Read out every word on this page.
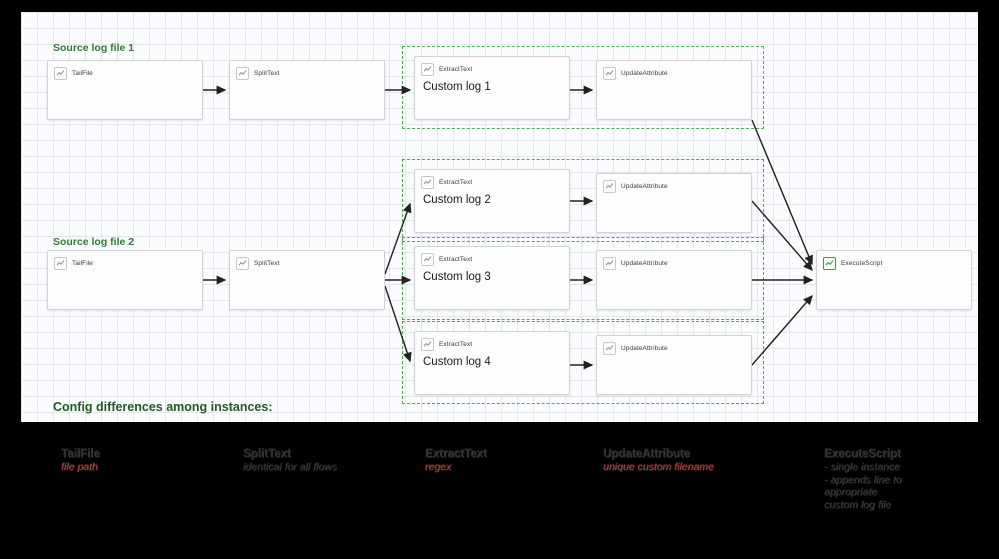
Source log file 1
Source log file 2
Config differences among instances:
TailFile	SplitText
ExtractText
Custom log 1
UpdateAttribute
ExtractText
Custom log 2
UpdateAttribute
TailFile	SplitText
ExtractText
Custom log 3
UpdateAttribute
ExtractText
Custom log 4
UpdateAttribute
ExecuteScript
TailFile
file path
SplitText
identical for all flows
ExtractText
regex
UpdateAttribute
unique custom filename
ExecuteScript
- single instance
- appends line to
appropriate
custom log file
